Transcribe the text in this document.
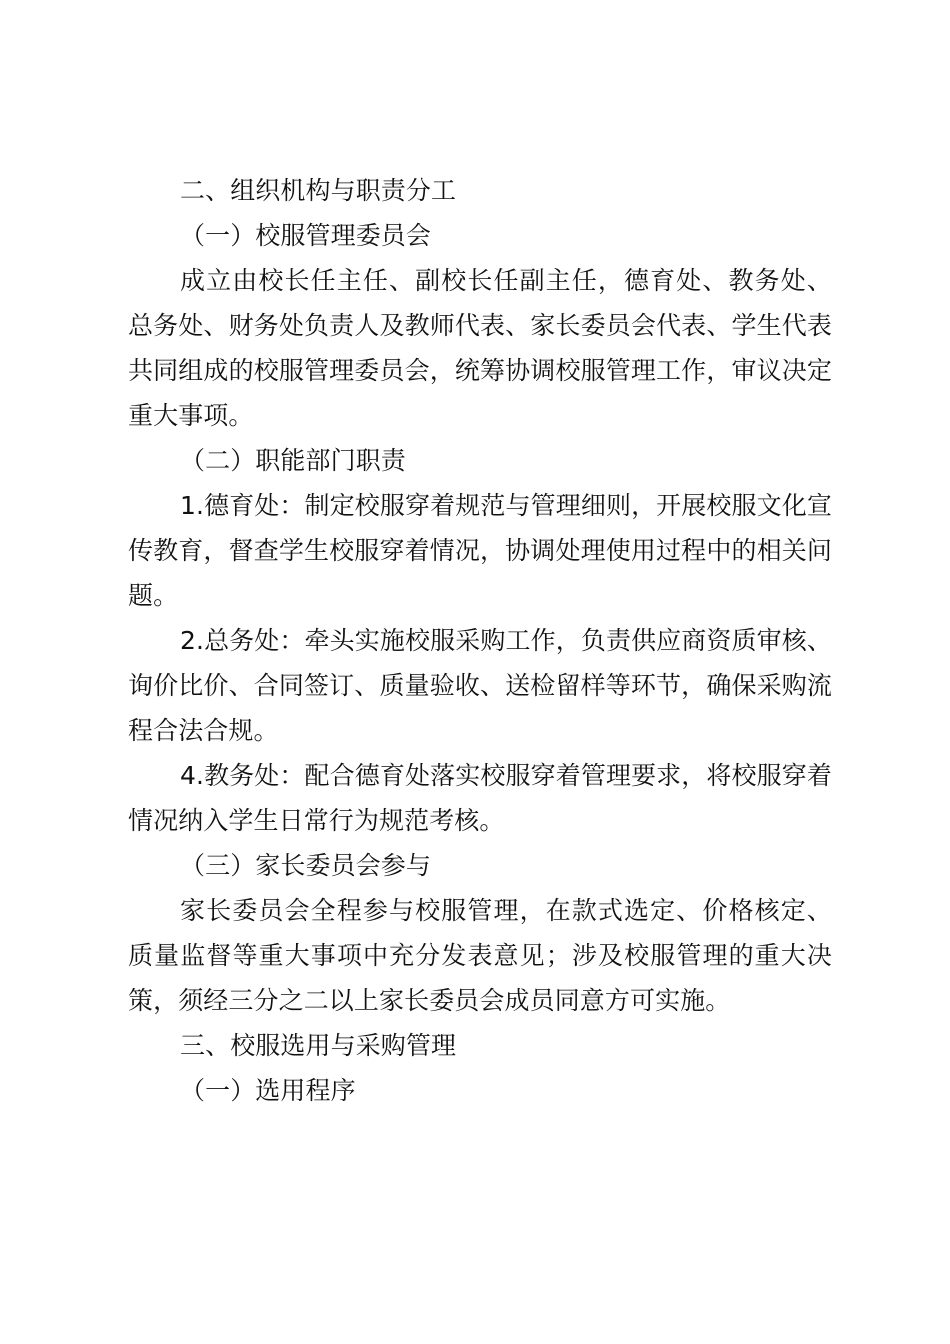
二、组织机构与职责分工

（一）校服管理委员会

成立由校长任主任、副校长任副主任，德育处、教务处、总务处、财务处负责人及教师代表、家长委员会代表、学生代表共同组成的校服管理委员会，统筹协调校服管理工作，审议决定重大事项。

（二）职能部门职责

1.德育处：制定校服穿着规范与管理细则，开展校服文化宣传教育，督查学生校服穿着情况，协调处理使用过程中的相关问题。

2.总务处：牵头实施校服采购工作，负责供应商资质审核、询价比价、合同签订、质量验收、送检留样等环节，确保采购流程合法合规。

4.教务处：配合德育处落实校服穿着管理要求，将校服穿着情况纳入学生日常行为规范考核。

（三）家长委员会参与

家长委员会全程参与校服管理，在款式选定、价格核定、质量监督等重大事项中充分发表意见；涉及校服管理的重大决策，须经三分之二以上家长委员会成员同意方可实施。

三、校服选用与采购管理

（一）选用程序
